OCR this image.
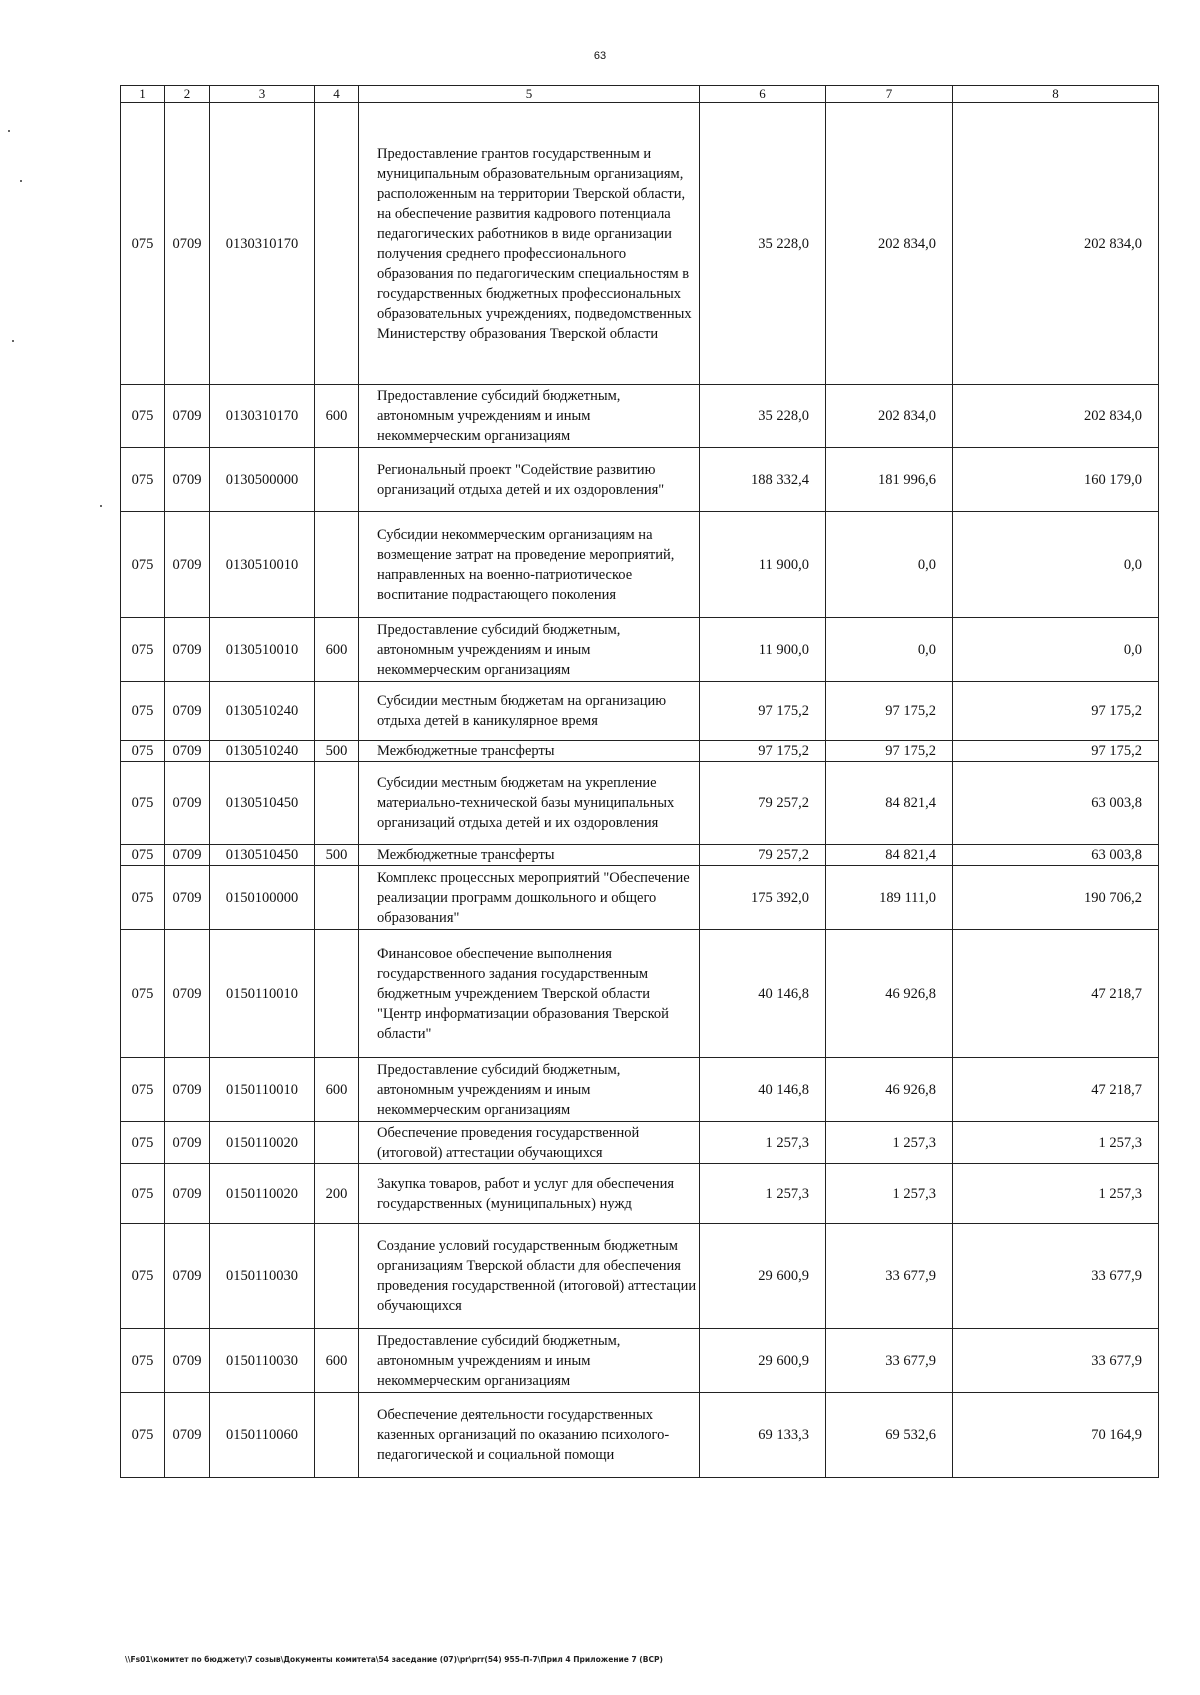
63
1	2	3	4	5	6	7	8
075	0709	0130310170		Предоставление грантов государственным и муниципальным образовательным организациям, расположенным на территории Тверской области, на обеспечение развития кадрового потенциала педагогических работников в виде организации получения среднего профессионального образования по педагогическим специальностям в государственных бюджетных профессиональных образовательных учреждениях, подведомственных Министерству образования Тверской области	35 228,0	202 834,0	202 834,0
075	0709	0130310170	600	Предоставление субсидий бюджетным, автономным учреждениям и иным некоммерческим организациям	35 228,0	202 834,0	202 834,0
075	0709	0130500000		Региональный проект "Содействие развитию организаций отдыха детей и их оздоровления"	188 332,4	181 996,6	160 179,0
075	0709	0130510010		Субсидии некоммерческим организациям на возмещение затрат на проведение мероприятий, направленных на военно-патриотическое воспитание подрастающего поколения	11 900,0	0,0	0,0
075	0709	0130510010	600	Предоставление субсидий бюджетным, автономным учреждениям и иным некоммерческим организациям	11 900,0	0,0	0,0
075	0709	0130510240		Субсидии местным бюджетам на организацию отдыха детей в каникулярное время	97 175,2	97 175,2	97 175,2
075	0709	0130510240	500	Межбюджетные трансферты	97 175,2	97 175,2	97 175,2
075	0709	0130510450		Субсидии местным бюджетам на укрепление материально-технической базы муниципальных организаций отдыха детей и их оздоровления	79 257,2	84 821,4	63 003,8
075	0709	0130510450	500	Межбюджетные трансферты	79 257,2	84 821,4	63 003,8
075	0709	0150100000		Комплекс процессных мероприятий "Обеспечение реализации программ дошкольного и общего образования"	175 392,0	189 111,0	190 706,2
075	0709	0150110010		Финансовое обеспечение выполнения государственного задания государственным бюджетным учреждением Тверской области "Центр информатизации образования Тверской области"	40 146,8	46 926,8	47 218,7
075	0709	0150110010	600	Предоставление субсидий бюджетным, автономным учреждениям и иным некоммерческим организациям	40 146,8	46 926,8	47 218,7
075	0709	0150110020		Обеспечение проведения государственной (итоговой) аттестации обучающихся	1 257,3	1 257,3	1 257,3
075	0709	0150110020	200	Закупка товаров, работ и услуг для обеспечения государственных (муниципальных) нужд	1 257,3	1 257,3	1 257,3
075	0709	0150110030		Создание условий государственным бюджетным организациям Тверской области для обеспечения проведения государственной (итоговой) аттестации обучающихся	29 600,9	33 677,9	33 677,9
075	0709	0150110030	600	Предоставление субсидий бюджетным, автономным учреждениям и иным некоммерческим организациям	29 600,9	33 677,9	33 677,9
075	0709	0150110060		Обеспечение деятельности государственных казенных организаций по оказанию психолого-педагогической и социальной помощи	69 133,3	69 532,6	70 164,9
\\Fs01\комитет по бюджету\7 созыв\Документы комитета\54 заседание (07)\pr\prr(54) 955-П-7\Прил 4 Приложение 7 (ВСР)
